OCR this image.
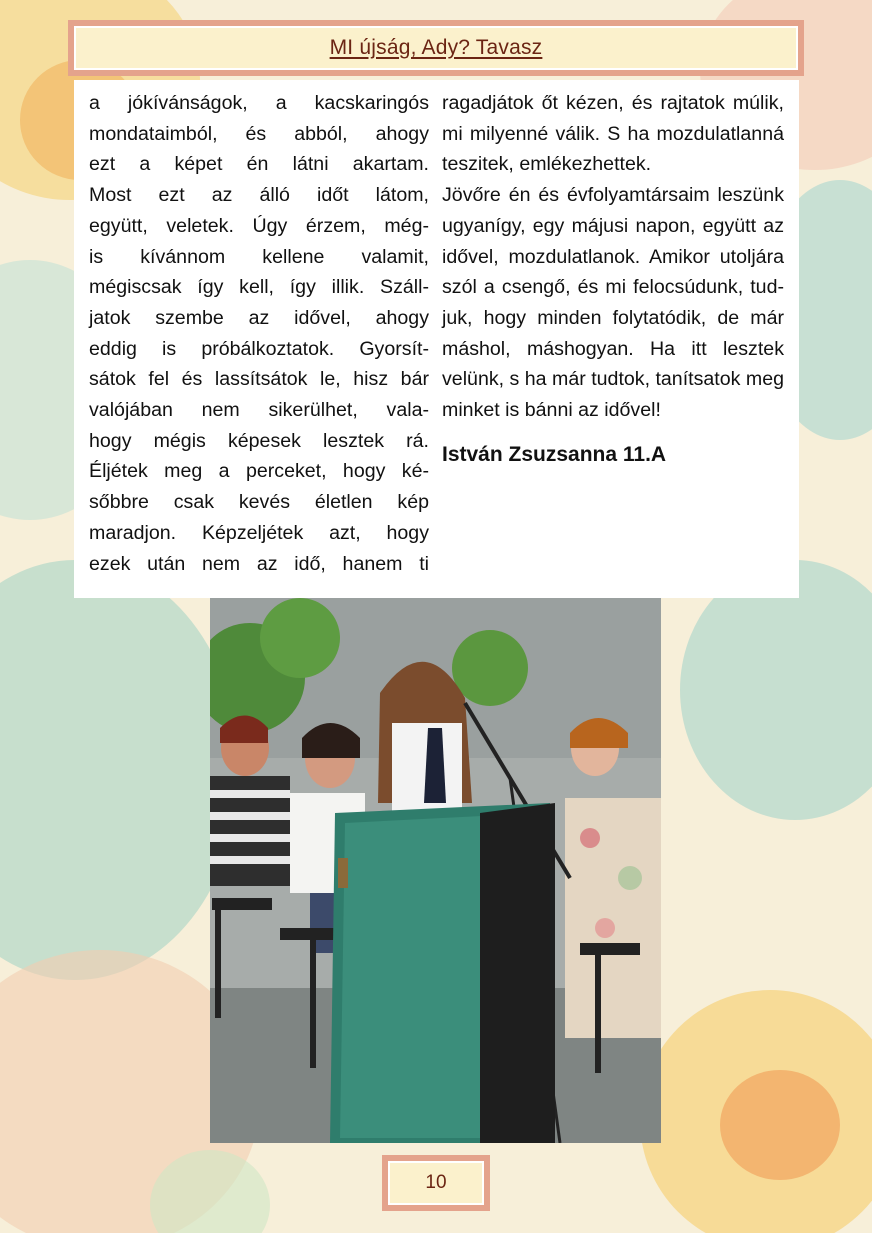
MI újság, Ady? Tavasz

a jókívánságok, a kacskaringós

mondataimból, és abból, ahogy

ezt a képet én látni akartam.

Most ezt az álló időt látom,

együtt, veletek. Úgy érzem, még-

is kívánnom kellene valamit,

mégiscsak így kell, így illik. Száll-

jatok szembe az idővel, ahogy

eddig is próbálkoztatok. Gyorsít-

sátok fel és lassítsátok le, hisz bár

valójában nem sikerülhet, vala-

hogy mégis képesek lesztek rá.

Éljétek meg a perceket, hogy ké-

sőbbre csak kevés életlen kép

maradjon. Képzeljétek azt, hogy

ezek után nem az idő, hanem ti

ragadjátok őt kézen, és rajtatok múlik, mi milyenné válik. S ha mozdulatlanná teszitek, emlékezhettek.

Jövőre én és évfolyamtársaim leszünk ugyanígy, egy májusi napon, együtt az idővel, mozdulatlanok. Amikor utoljára szól a csengő, és mi felocsúdunk, tudjuk, hogy minden folytatódik, de már máshol, máshogyan. Ha itt lesztek velünk, s ha már tudtok, tanítsatok meg minket is bánni az idővel!

István Zsuzsanna 11.A

10
